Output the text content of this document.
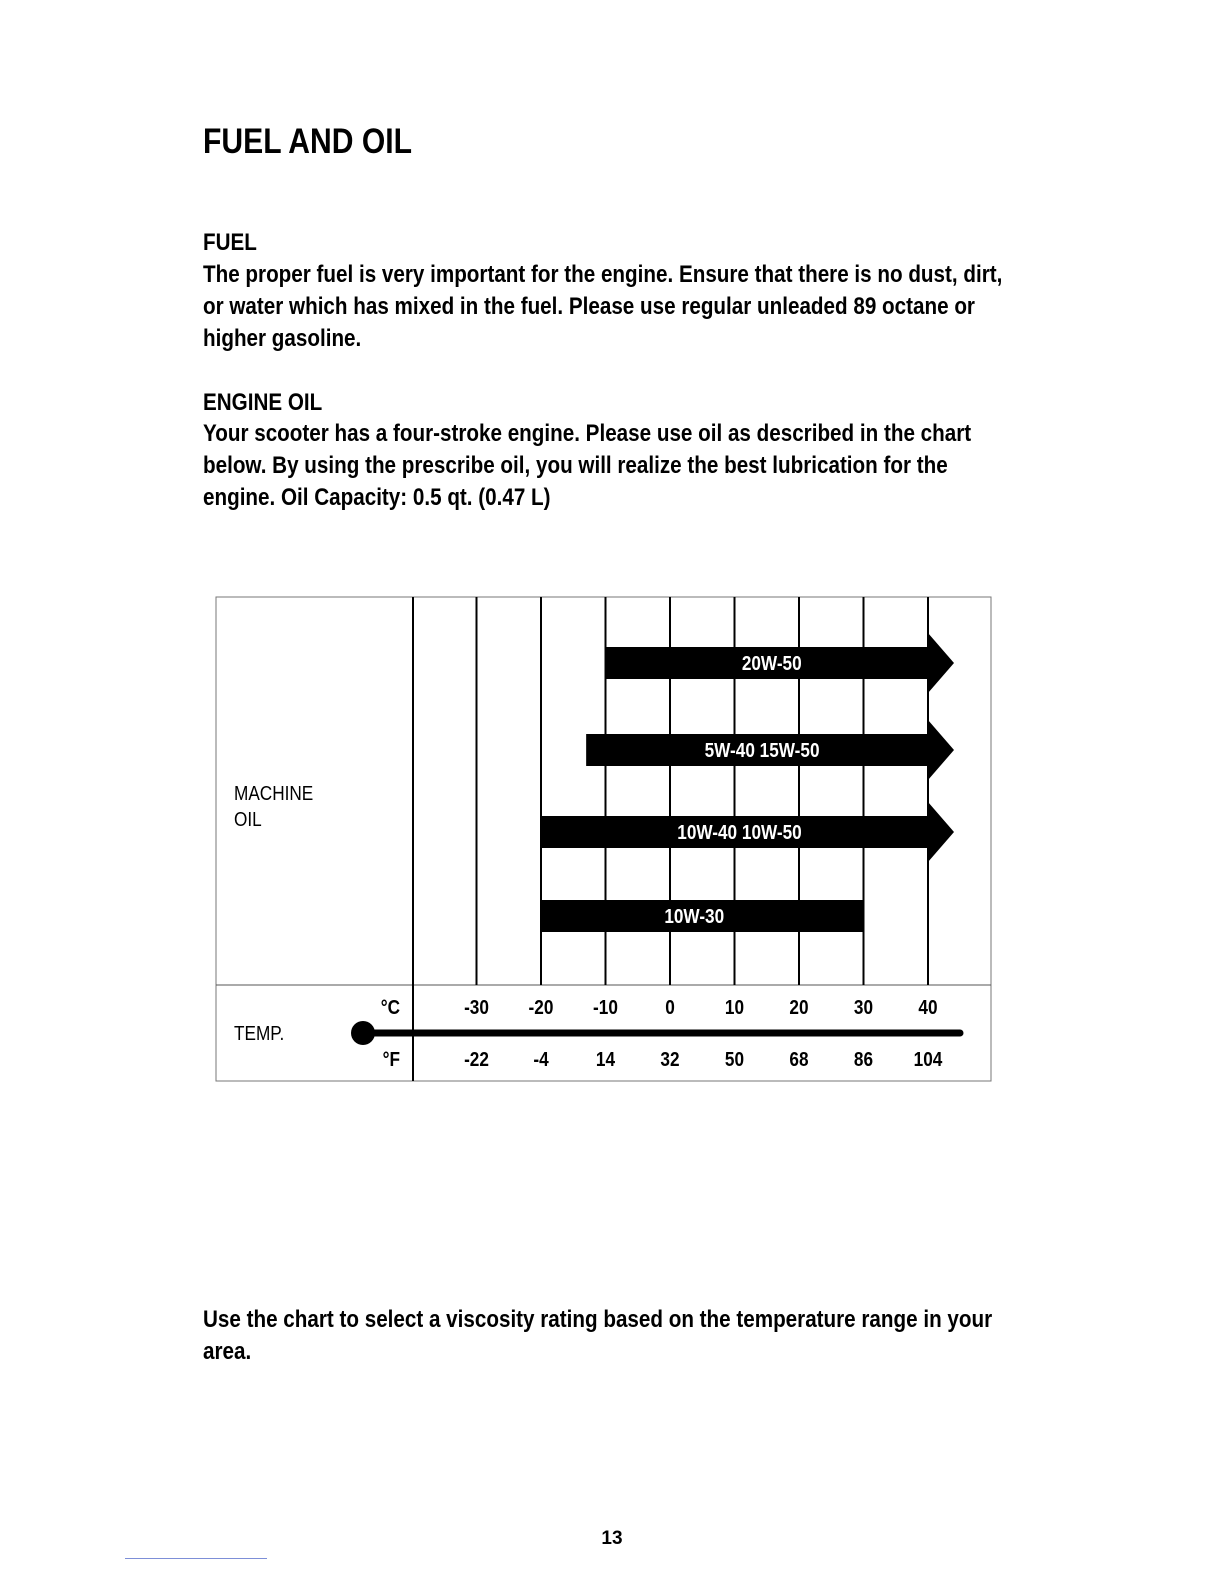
FUEL AND OIL
FUEL

The proper fuel is very important for the engine. Ensure that there is no dust, dirt, or water which has mixed in the fuel. Please use regular unleaded 89 octane or higher gasoline.

ENGINE OIL

Your scooter has a four-stroke engine. Please use oil as described in the chart below. By using the prescribe oil, you will realize the best lubrication for the engine. Oil Capacity: 0.5 qt. (0.47 L)

MACHINE
OIL
20W-50
5W-40 15W-50
10W-40 10W-50
10W-30
TEMP.
°C
°F
-30 -20 -10 0	10 20 30 40
-22 -4 14 32 50 68 86 104

Use the chart to select a viscosity rating based on the temperature range in your area.

13
